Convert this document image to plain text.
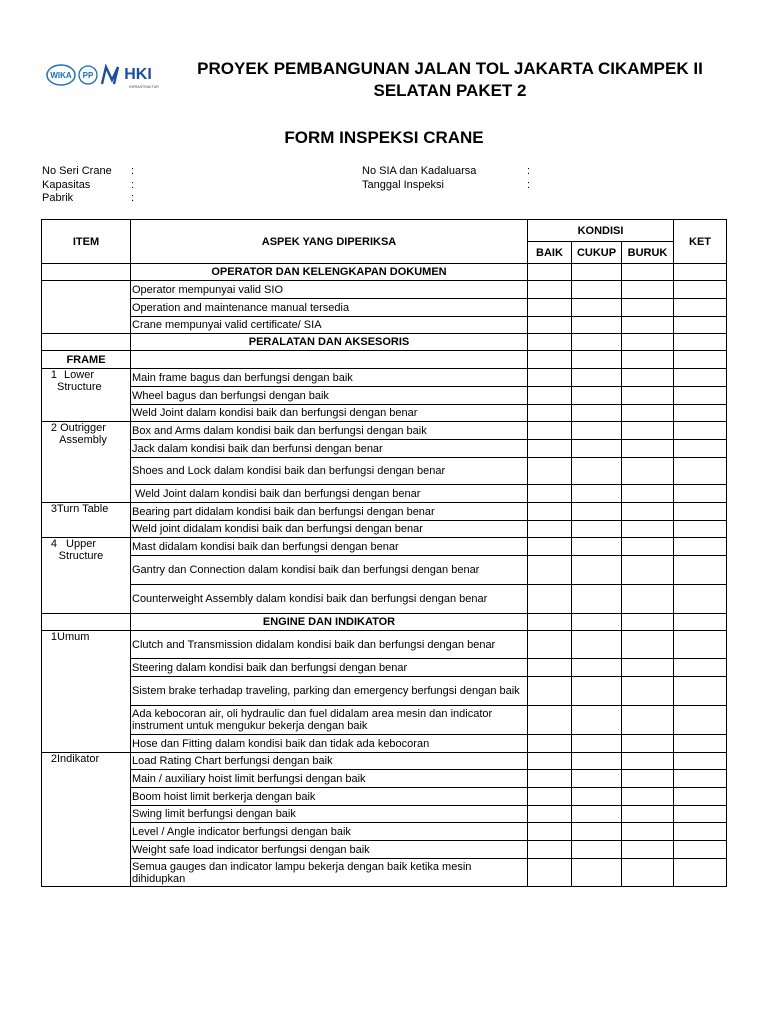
WIKA PP HKI
INFRASTRUKTUR
PROYEK PEMBANGUNAN JALAN TOL JAKARTA CIKAMPEK II
SELATAN PAKET 2
FORM INSPEKSI CRANE
No Seri Crane :
Kapasitas	:
Pabrik	:
No SIA dan Kadaluarsa	:
Tanggal Inspeksi	:
ITEM	ASPEK YANG DIPERIKSA	KONDISI			KET
		BAIK	CUKUP	BURUK	
	OPERATOR DAN KELENGKAPAN DOKUMEN				
	Operator mempunyai valid SIO				
	Operation and maintenance manual tersedia				
	Crane mempunyai valid certificate/ SIA				
	PERALATAN DAN AKSESORIS				
FRAME					
1 Lower Structure	Main frame bagus dan berfungsi dengan baik				
	Wheel bagus dan berfungsi dengan baik				
	Weld Joint dalam kondisi baik dan berfungsi dengan benar				
2 Outrigger Assembly	Box and Arms dalam kondisi baik dan berfungsi dengan baik				
	Jack dalam kondisi baik dan berfunsi dengan benar				
	Shoes and Lock dalam kondisi baik dan berfungsi dengan benar				
	Weld Joint dalam kondisi baik dan berfungsi dengan benar				
3Turn Table	Bearing part didalam kondisi baik dan berfungsi dengan benar				
	Weld joint didalam kondisi baik dan berfungsi dengan benar				
4 Upper Structure	Mast didalam kondisi baik dan berfungsi dengan benar				
	Gantry dan Connection dalam kondisi baik dan berfungsi dengan benar				
	Counterweight Assembly dalam kondisi baik dan berfungsi dengan benar				
	ENGINE DAN INDIKATOR				
1Umum	Clutch and Transmission didalam kondisi baik dan berfungsi dengan benar				
	Steering dalam kondisi baik dan berfungsi dengan benar				
	Sistem brake terhadap traveling, parking dan emergency berfungsi dengan baik				
	Ada kebocoran air, oli hydraulic dan fuel didalam area mesin dan indicator instrument untuk mengukur bekerja dengan baik				
	Hose dan Fitting dalam kondisi baik dan tidak ada kebocoran				
2Indikator	Load Rating Chart berfungsi dengan baik				
	Main / auxiliary hoist limit berfungsi dengan baik				
	Boom hoist limit berkerja dengan baik				
	Swing limit berfungsi dengan baik				
	Level / Angle indicator berfungsi dengan baik				
	Weight safe load indicator berfungsi dengan baik				
	Semua gauges dan indicator lampu bekerja dengan baik ketika mesin dihidupkan				
